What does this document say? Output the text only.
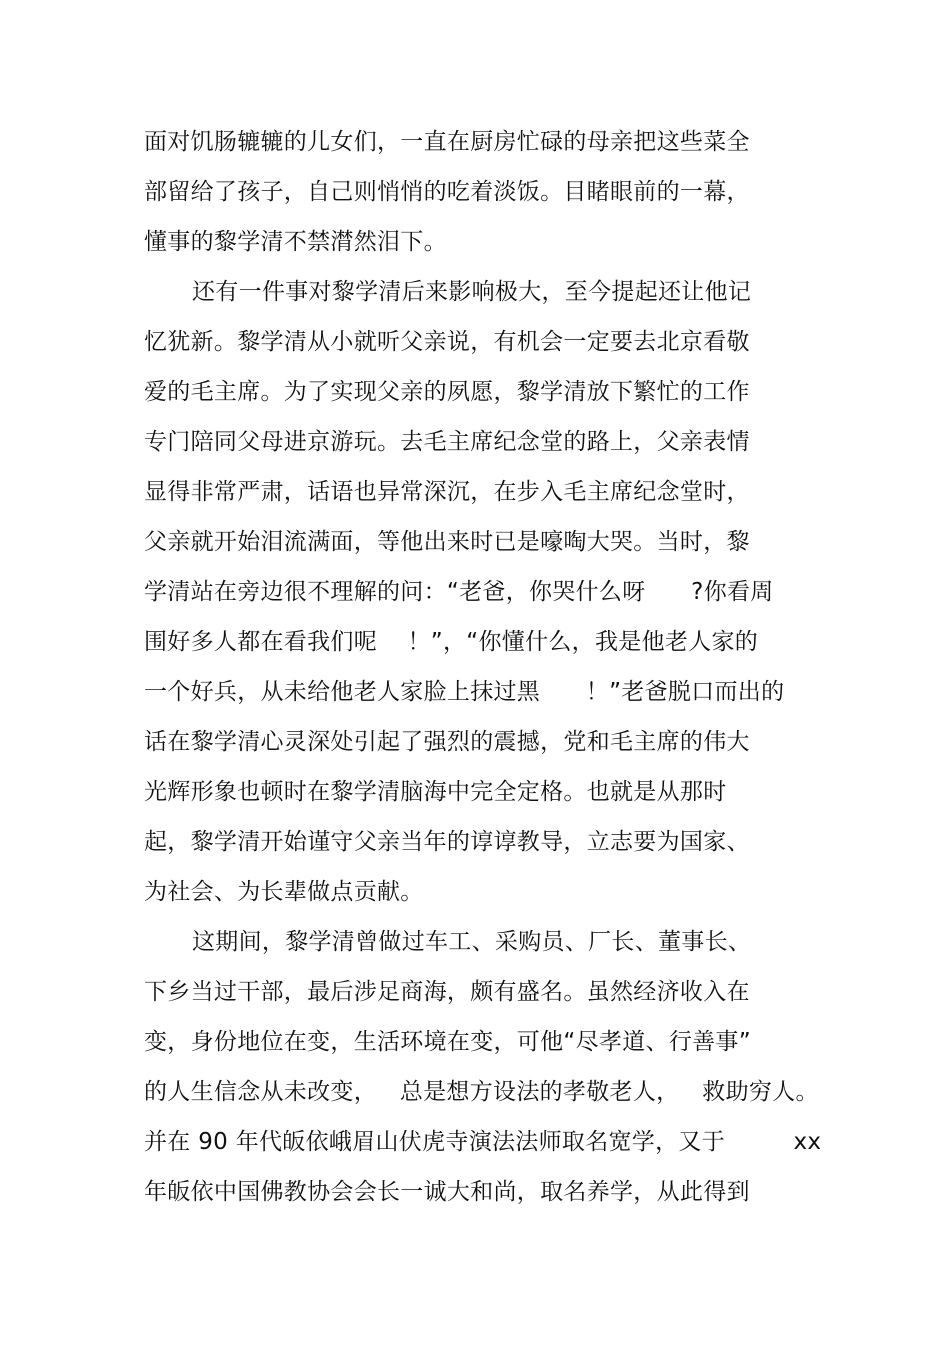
面对饥肠辘辘的儿女们，一直在厨房忙碌的母亲把这些菜全
部留给了孩子，自己则悄悄的吃着淡饭。目睹眼前的一幕，
懂事的黎学清不禁潸然泪下。
还有一件事对黎学清后来影响极大，至今提起还让他记
忆犹新。黎学清从小就听父亲说，有机会一定要去北京看敬
爱的毛主席。为了实现父亲的夙愿，黎学清放下繁忙的工作
专门陪同父母进京游玩。去毛主席纪念堂的路上，父亲表情
显得非常严肃，话语也异常深沉，在步入毛主席纪念堂时，
父亲就开始泪流满面，等他出来时已是嚎啕大哭。当时，黎
学清站在旁边很不理解的问：“老爸，你哭什么呀      ?你看周
围好多人都在看我们呢    ！”，“你懂什么，我是他老人家的
一个好兵，从未给他老人家脸上抹过黑      ！”老爸脱口而出的
话在黎学清心灵深处引起了强烈的震撼，党和毛主席的伟大
光辉形象也顿时在黎学清脑海中完全定格。也就是从那时
起，黎学清开始谨守父亲当年的谆谆教导，立志要为国家、
为社会、为长辈做点贡献。
这期间，黎学清曾做过车工、采购员、厂长、董事长、
下乡当过干部，最后涉足商海，颇有盛名。虽然经济收入在
变，身份地位在变，生活环境在变，可他“尽孝道、行善事”
的人生信念从未改变，   总是想方设法的孝敬老人，   救助穷人。
并在 90 年代皈依峨眉山伏虎寺演法法师取名宽学，又于         xx
年皈依中国佛教协会会长一诚大和尚，取名养学，从此得到
